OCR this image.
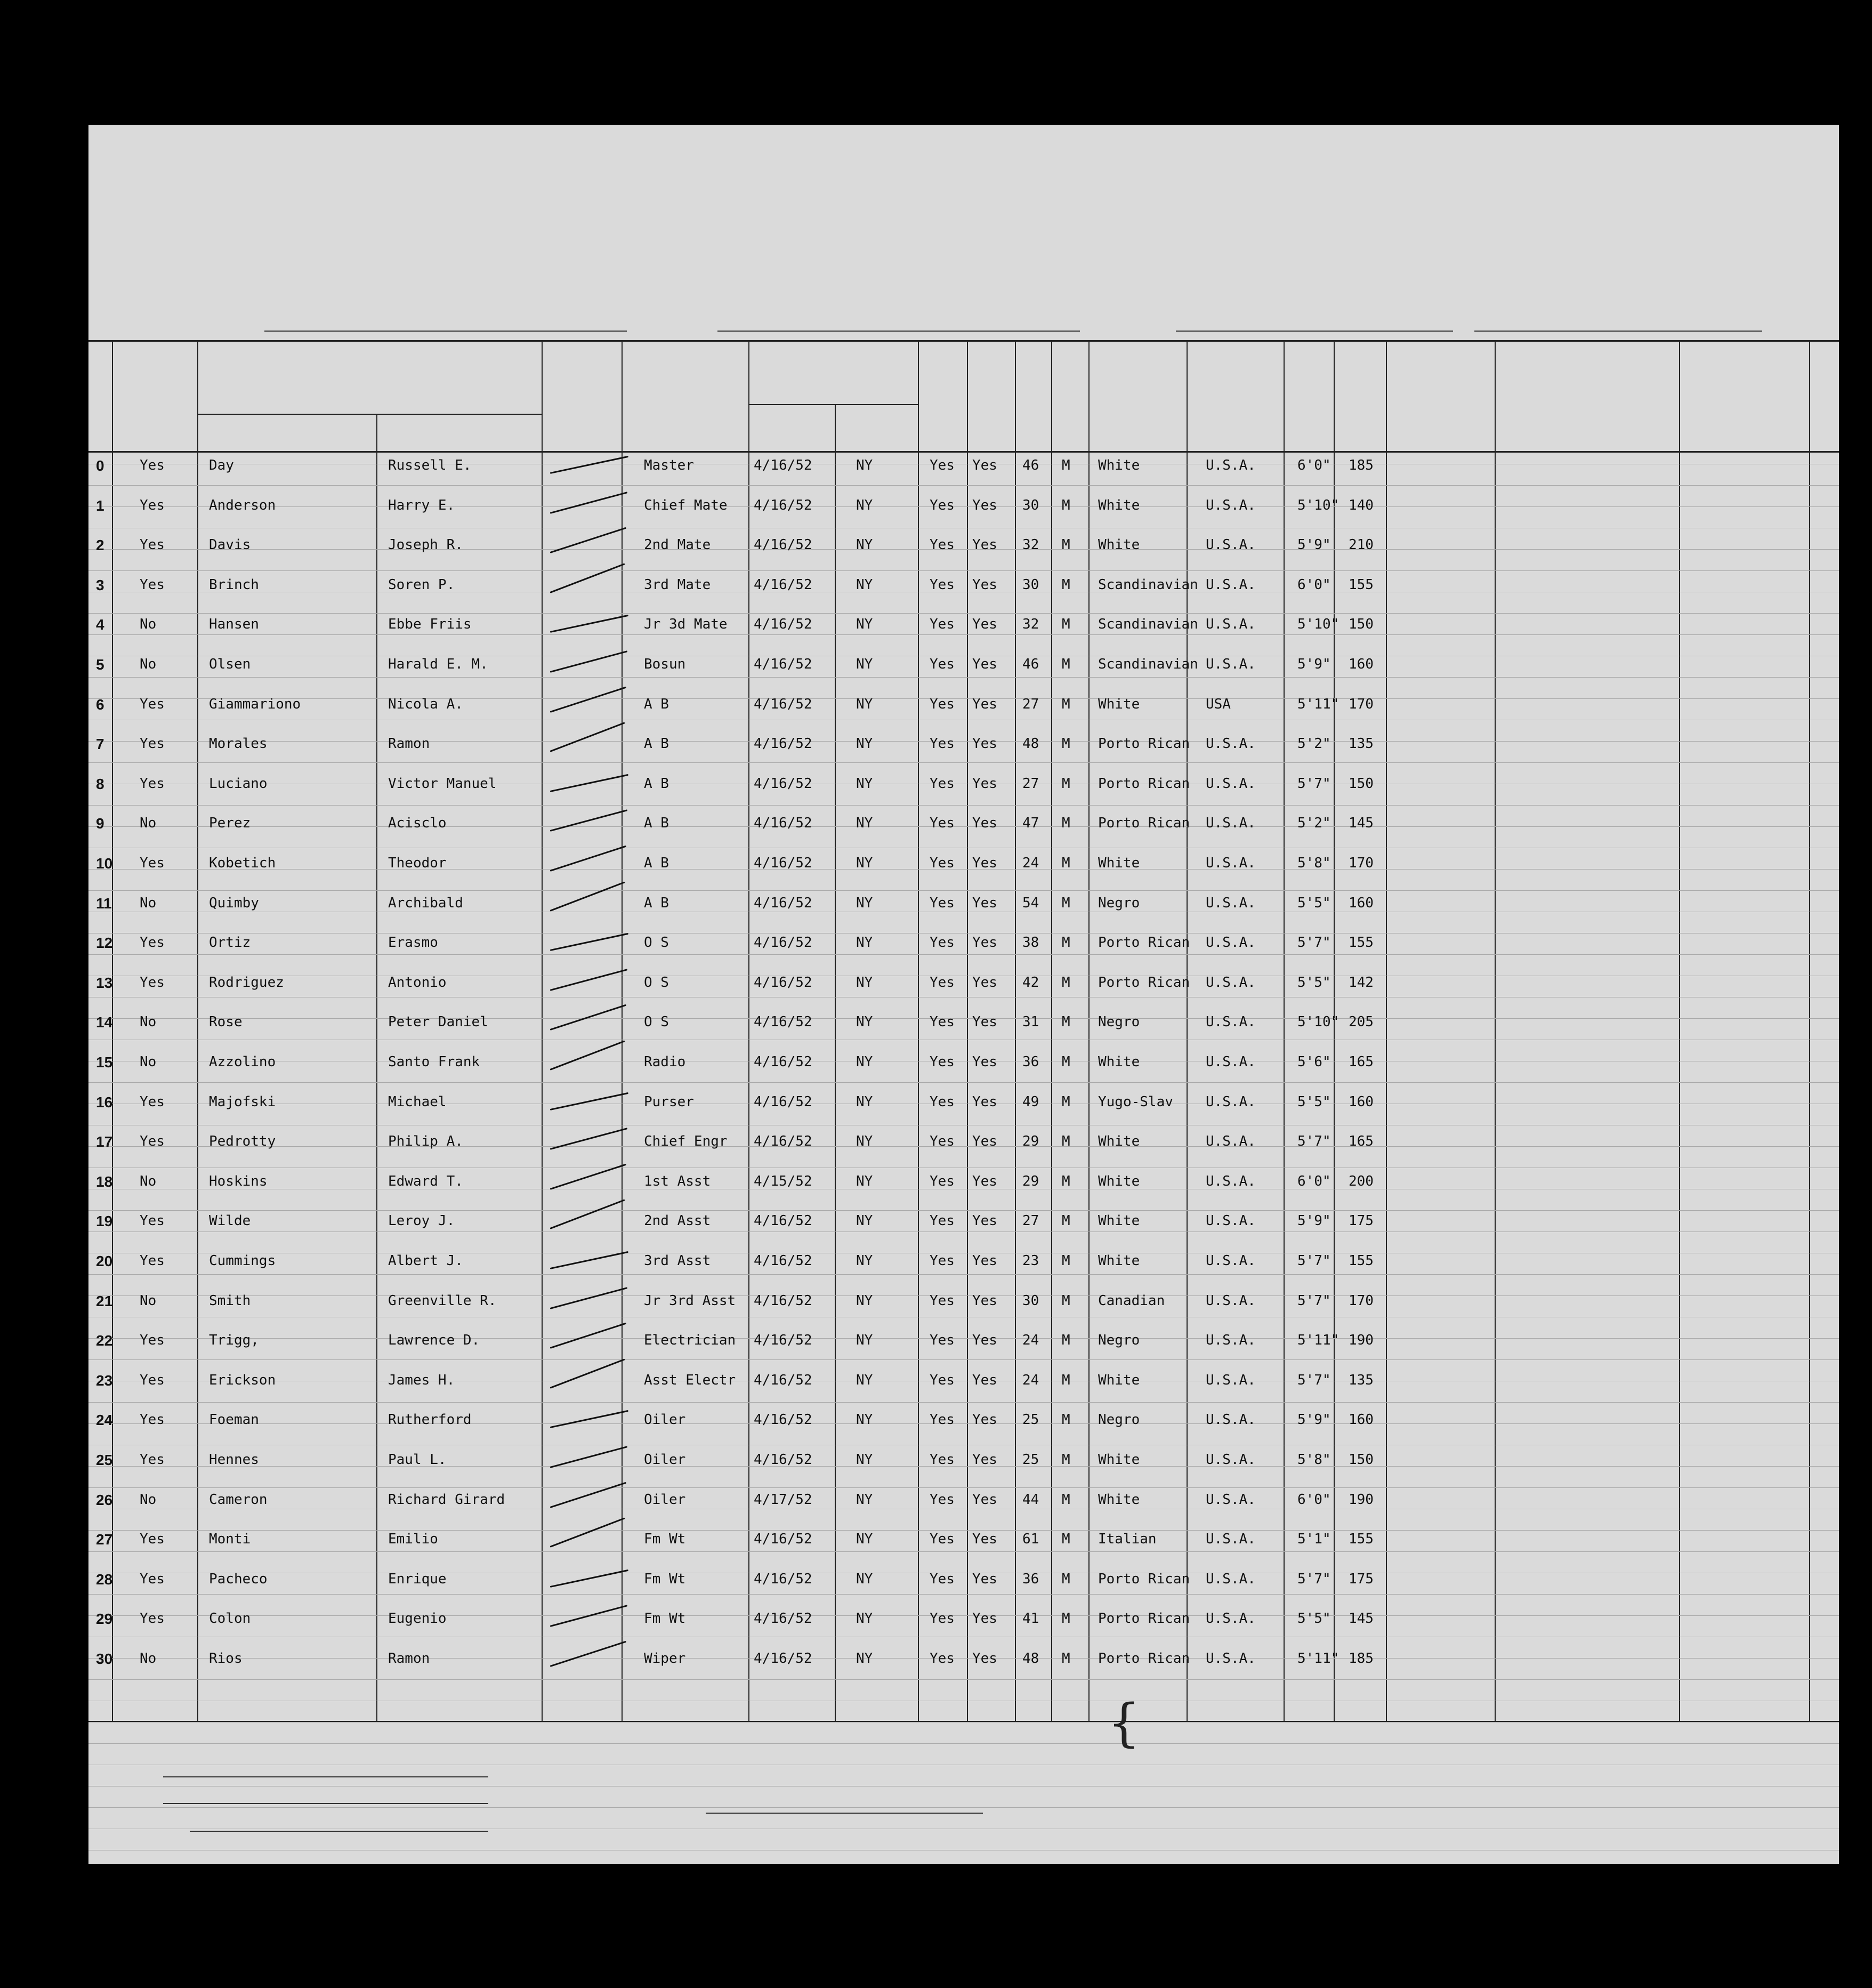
0	Yes	Day	Russell E.	Master	4/16/52	NY	Yes Yes 46 M White	U.S.A.	6'0" 185
1	Yes	Anderson	Harry E.	Chief Mate 4/16/52	NY	Yes Yes 30 M White	U.S.A.	5'10" 140
2	Yes	Davis	Joseph R.	2nd Mate	4/16/52	NY	Yes Yes 32 M White	U.S.A.	5'9" 210
3	Yes	Brinch	Soren P.	3rd Mate	4/16/52	NY	Yes Yes 30 M Scandinavian U.S.A.	6'0" 155
4	No	Hansen	Ebbe Friis	Jr 3d Mate 4/16/52	NY	Yes Yes 32 M Scandinavian U.S.A.	5'10" 150
5	No	Olsen	Harald E. M.	Bosun	4/16/52	NY	Yes Yes 46 M Scandinavian U.S.A.	5'9" 160
6	Yes	Giammariono	Nicola A.	A B	4/16/52	NY	Yes Yes 27 M White	USA	5'11" 170
7	Yes	Morales	Ramon	A B	4/16/52	NY	Yes Yes 48 M Porto Rican U.S.A.	5'2" 135
8	Yes	Luciano	Victor Manuel	A B	4/16/52	NY	Yes Yes 27 M Porto Rican U.S.A.	5'7" 150
9	No	Perez	Acisclo	A B	4/16/52	NY	Yes Yes 47 M Porto Rican U.S.A.	5'2" 145
10 Yes	Kobetich	Theodor	A B	4/16/52	NY	Yes Yes 24 M White	U.S.A.	5'8" 170
11 No	Quimby	Archibald	A B	4/16/52	NY	Yes Yes 54 M Negro	U.S.A.	5'5" 160
12 Yes	Ortiz	Erasmo	O S	4/16/52	NY	Yes Yes 38 M Porto Rican U.S.A.	5'7" 155
13 Yes	Rodriguez	Antonio	O S	4/16/52	NY	Yes Yes 42 M Porto Rican U.S.A.	5'5" 142
14 No	Rose	Peter Daniel	O S	4/16/52	NY	Yes Yes 31 M Negro	U.S.A.	5'10" 205
15 No	Azzolino	Santo Frank	Radio	4/16/52	NY	Yes Yes 36 M White	U.S.A.	5'6" 165
16 Yes	Majofski	Michael	Purser	4/16/52	NY	Yes Yes 49 M Yugo-Slav U.S.A.	5'5" 160
17 Yes	Pedrotty	Philip A.	Chief Engr 4/16/52	NY	Yes Yes 29 M White	U.S.A.	5'7" 165
18 No	Hoskins	Edward T.	1st Asst	4/15/52	NY	Yes Yes 29 M White	U.S.A.	6'0" 200
19 Yes	Wilde	Leroy J.	2nd Asst	4/16/52	NY	Yes Yes 27 M White	U.S.A.	5'9" 175
20 Yes	Cummings	Albert J.	3rd Asst	4/16/52	NY	Yes Yes 23 M White	U.S.A.	5'7" 155
21 No	Smith	Greenville R.	Jr 3rd Asst 4/16/52	NY	Yes Yes 30 M Canadian	U.S.A.	5'7" 170
22 Yes	Trigg,	Lawrence D.	Electrician 4/16/52	NY	Yes Yes 24 M Negro	U.S.A.	5'11" 190
23 Yes	Erickson	James H.	Asst Electr 4/16/52	NY	Yes Yes 24 M White	U.S.A.	5'7" 135
24 Yes	Foeman	Rutherford	Oiler	4/16/52	NY	Yes Yes 25 M Negro	U.S.A.	5'9" 160
25 Yes	Hennes	Paul L.	Oiler	4/16/52	NY	Yes Yes 25 M White	U.S.A.	5'8" 150
26 No	Cameron	Richard Girard	Oiler	4/17/52	NY	Yes Yes 44 M White	U.S.A.	6'0" 190
27 Yes	Monti	Emilio	Fm Wt	4/16/52	NY	Yes Yes 61 M Italian	U.S.A.	5'1" 155
28 Yes	Pacheco	Enrique	Fm Wt	4/16/52	NY	Yes Yes 36 M Porto Rican U.S.A.	5'7" 175
29 Yes	Colon	Eugenio	Fm Wt	4/16/52	NY	Yes Yes 41 M Porto Rican U.S.A.	5'5" 145
30 No	Rios	Ramon	Wiper	4/16/52	NY	Yes Yes 48 M Porto Rican U.S.A.	5'11" 185
{
